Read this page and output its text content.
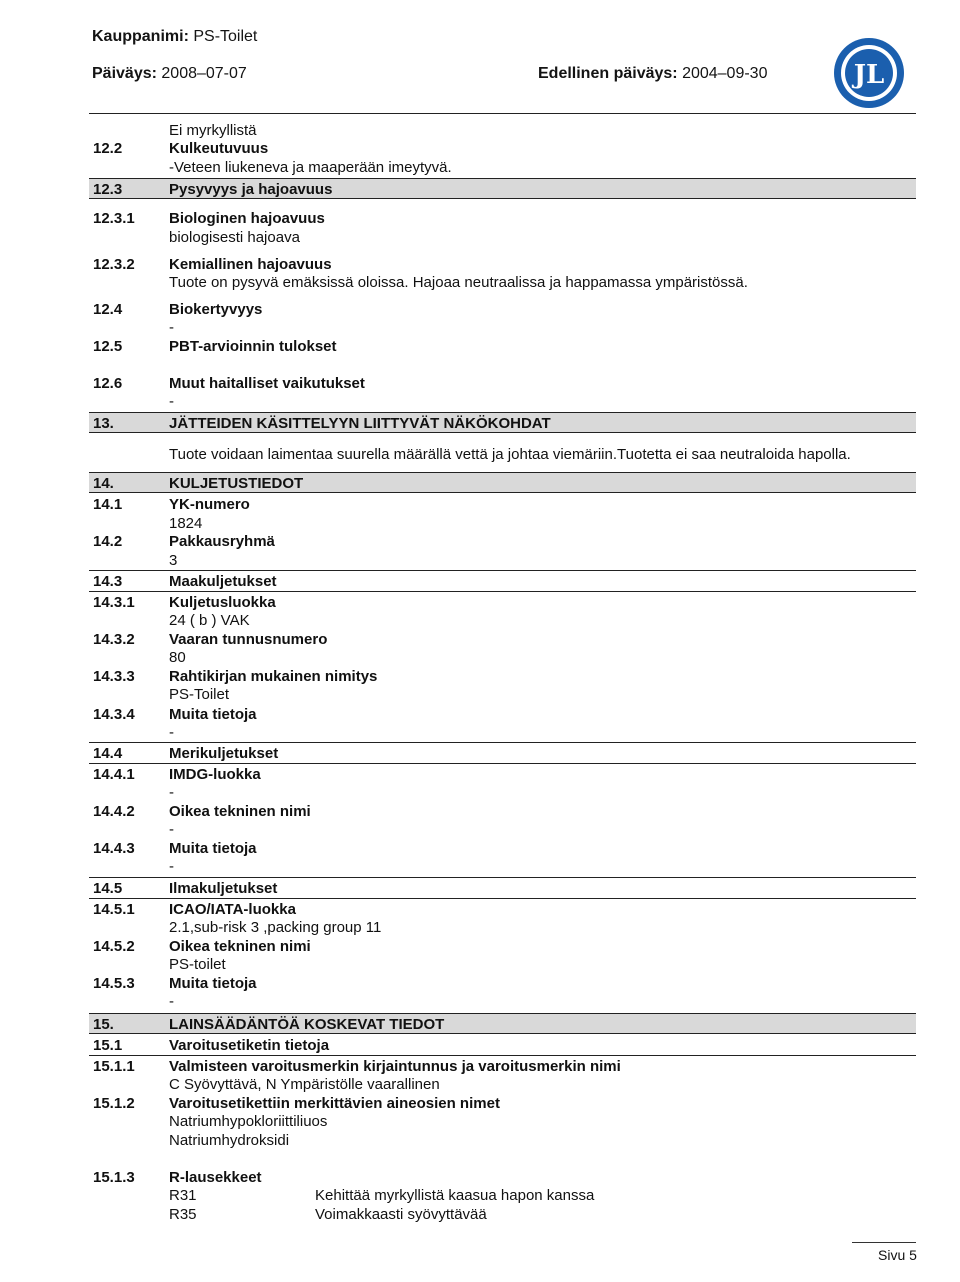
Kauppanimi: PS-Toilet
Päiväys: 2008–07-07	Edellinen päiväys: 2004–09-30	JL
Ei myrkyllistä
12.2	Kulkeutuvuus
-Veteen liukeneva ja maaperään imeytyvä.
12.3	Pysyvyys ja hajoavuus
12.3.1 Biologinen hajoavuus
biologisesti hajoava
12.3.2 Kemiallinen hajoavuus
Tuote on pysyvä emäksissä oloissa. Hajoaa neutraalissa ja happamassa ympäristössä.
12.4	Biokertyvyys
-
12.5	PBT-arvioinnin tulokset
12.6	Muut haitalliset vaikutukset
-
13.	JÄTTEIDEN KÄSITTELYYN LIITTYVÄT NÄKÖKOHDAT
Tuote voidaan laimentaa suurella määrällä vettä ja johtaa viemäriin.Tuotetta ei saa neutraloida hapolla.
14.	KULJETUSTIEDOT
14.1	YK-numero
1824
14.2	Pakkausryhmä
3
14.3	Maakuljetukset
14.3.1 Kuljetusluokka
24 ( b ) VAK
14.3.2 Vaaran tunnusnumero
80
14.3.3 Rahtikirjan mukainen nimitys
PS-Toilet
14.3.4 Muita tietoja
-
14.4	Merikuljetukset
14.4.1 IMDG-luokka
-
14.4.2 Oikea tekninen nimi
-
14.4.3 Muita tietoja
-
14.5	Ilmakuljetukset
14.5.1 ICAO/IATA-luokka
2.1,sub-risk 3 ,packing group 11
14.5.2 Oikea tekninen nimi
PS-toilet
14.5.3 Muita tietoja
-
15.	LAINSÄÄDÄNTÖÄ KOSKEVAT TIEDOT
15.1	Varoitusetiketin tietoja
15.1.1 Valmisteen varoitusmerkin kirjaintunnus ja varoitusmerkin nimi
C Syövyttävä, N Ympäristölle vaarallinen
15.1.2 Varoitusetikettiin merkittävien aineosien nimet
Natriumhypokloriittiliuos
Natriumhydroksidi
15.1.3 R-lausekkeet
R31	Kehittää myrkyllistä kaasua hapon kanssa
R35	Voimakkaasti syövyttävää
Sivu 5
